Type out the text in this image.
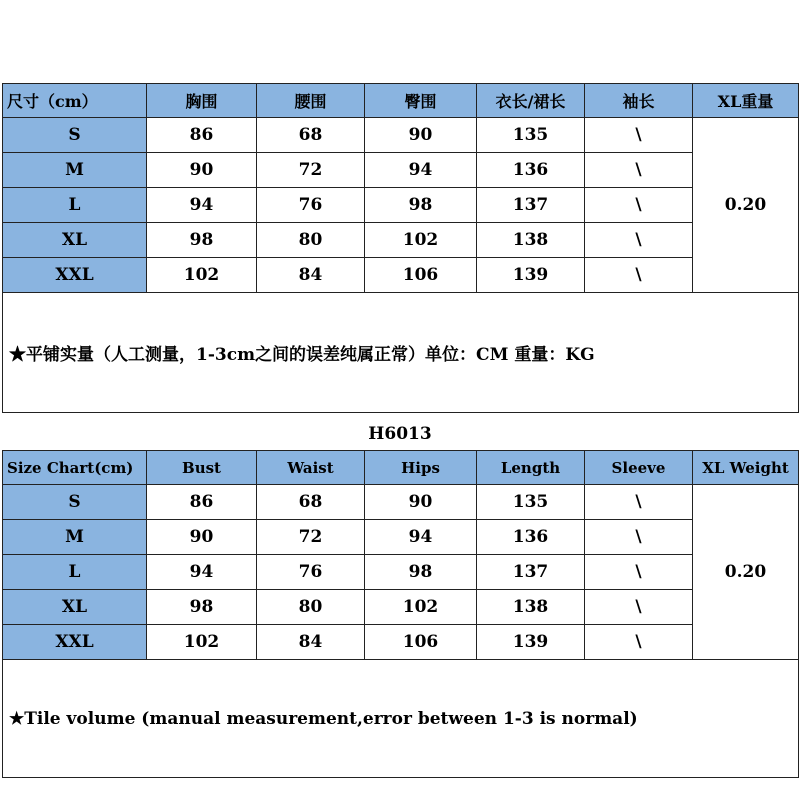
尺寸（cm）	胸围	腰围	臀围	衣长/裙长	袖长	XL重量
S	86	68	90	135	\	0.20
M	90	72	94	136	\	
L	94	76	98	137	\	
XL	98	80	102	138	\	
XXL	102	84	106	139	\	
★平铺实量（人工测量，1-3cm之间的误差纯属正常）单位：CM 重量：KG						
H6013
Size Chart(cm)	Bust	Waist	Hips	Length	Sleeve	XL Weight
S	86	68	90	135	\	0.20
M	90	72	94	136	\	
L	94	76	98	137	\	
XL	98	80	102	138	\	
XXL	102	84	106	139	\	
★Tile volume (manual measurement,error between 1-3 is normal)						
